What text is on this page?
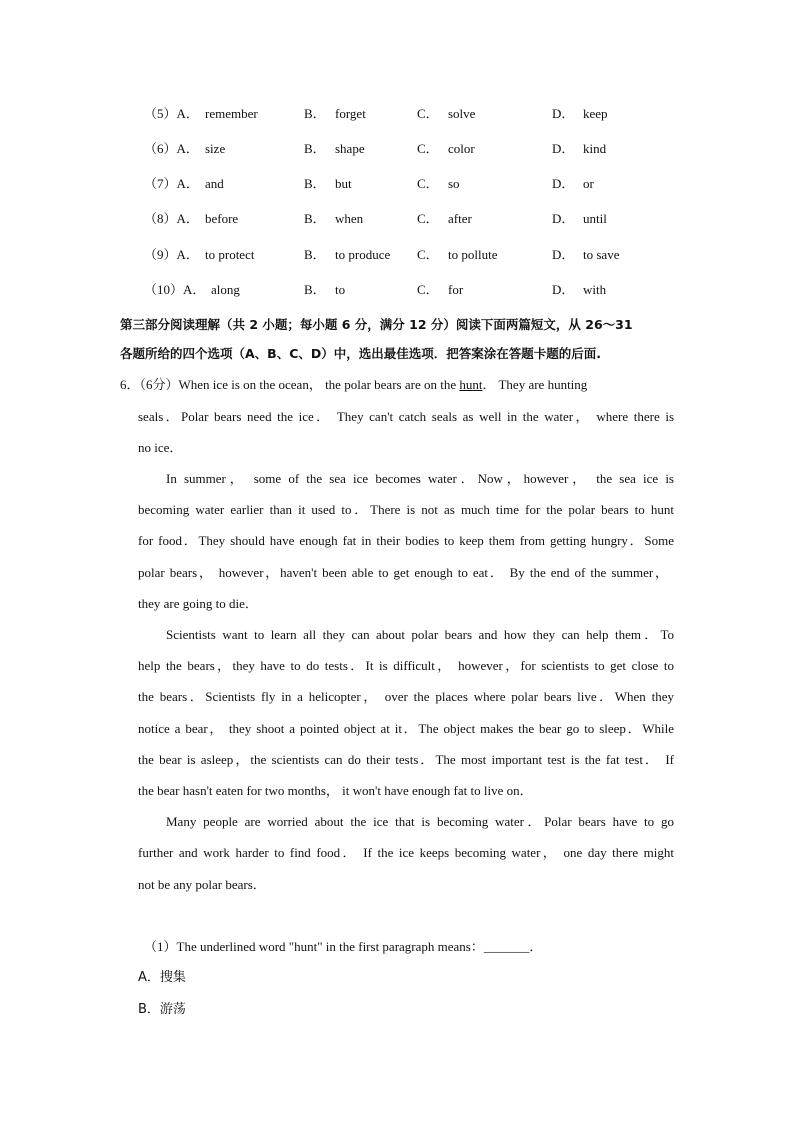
（5）A． remember	B． forget	C． solve	D． keep
（6）A． size	B． shape	C． color	D． kind
（7）A． and	B． but	C． so	D． or
（8）A． before	B． when	C． after	D． until
（9）A． to protect	B． to produce C． to pollute	D． to save
（10）A． along	B． to	C． for	D． with
第三部分阅读理解（共 2 小题；每小题 6 分，满分 12 分）阅读下面两篇短文，从 26～31
各题所给的四个选项（A、B、C、D）中，选出最佳选项．把答案涂在答题卡题的后面.
6．（6分）When ice is on the ocean， the polar bears are on the hunt． They are hunting
seals．Polar bears need the ice． They can't catch seals as well in the water， where there is
no ice．
In summer， some of the sea ice becomes water．Now，however， the sea ice is
becoming water earlier than it used to．There is not as much time for the polar bears to hunt
for food．They should have enough fat in their bodies to keep them from getting hungry．Some
polar bears， however，haven't been able to get enough to eat． By the end of the summer，
they are going to die．
Scientists want to learn all they can about polar bears and how they can help them．To
help the bears，they have to do tests．It is difficult， however，for scientists to get close to
the bears．Scientists fly in a helicopter， over the places where polar bears live．When they
notice a bear， they shoot a pointed object at it．The object makes the bear go to sleep．While
the bear is asleep，the scientists can do their tests．The most important test is the fat test． If
the bear hasn't eaten for two months， it won't have enough fat to live on．
Many people are worried about the ice that is becoming water．Polar bears have to go
further and work harder to find food． If the ice keeps becoming water， one day there might
not be any polar bears．
（1）The underlined word "hunt" in the first paragraph means：_______．
A．搜集
B．游荡
